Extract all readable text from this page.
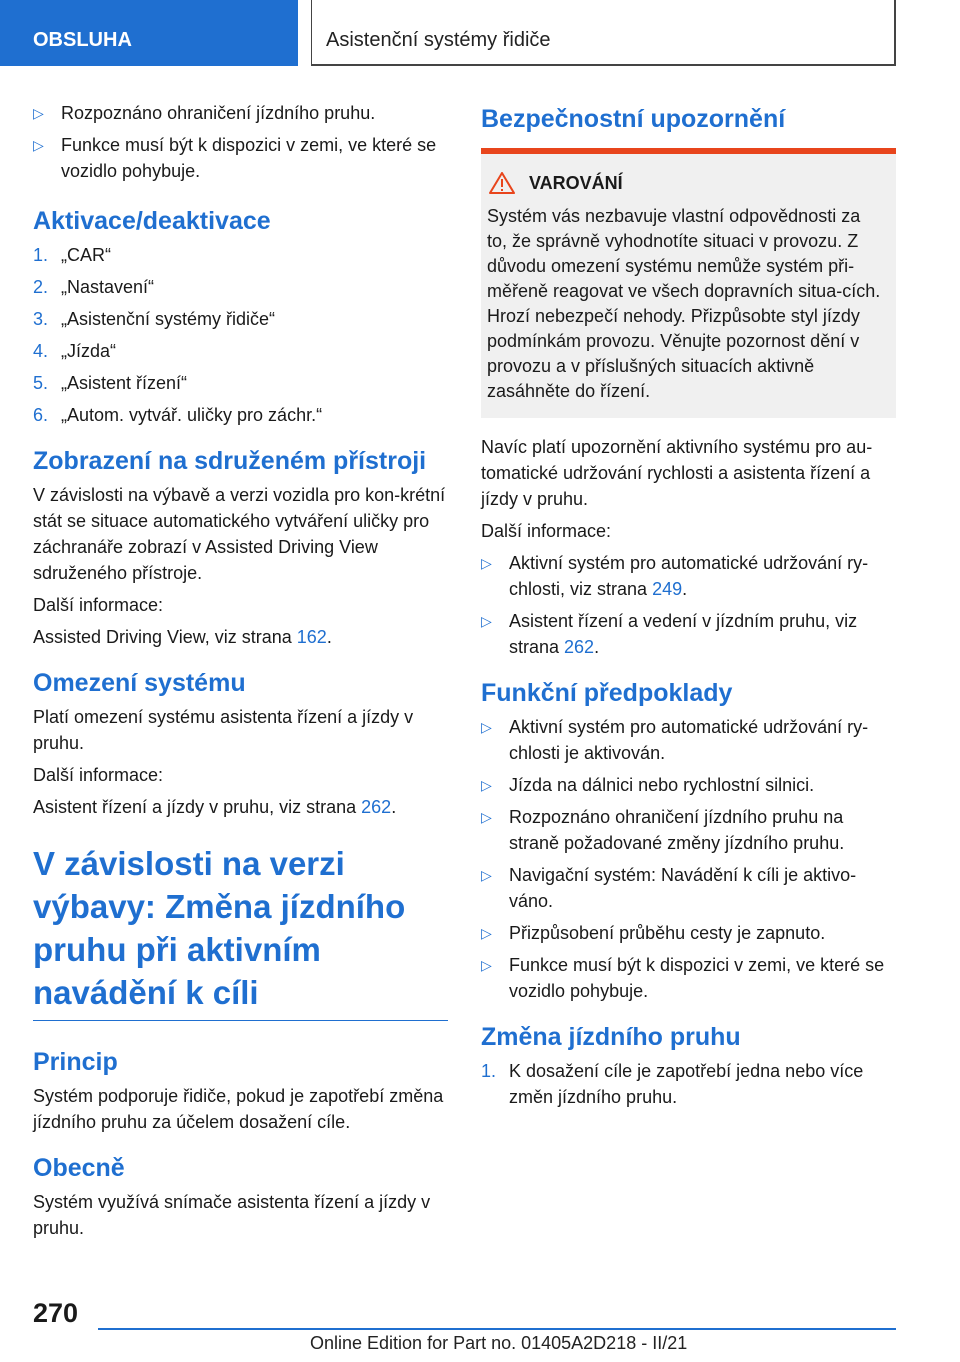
OBSLUHA	Asistenční systémy řidiče
▷ Rozpoznáno ohraničení jízdního pruhu.
▷ Funkce musí být k dispozici v zemi, ve které se vozidlo pohybuje.
Aktivace/deaktivace
1. „CAR“
2. „Nastavení“
3. „Asistenční systémy řidiče“
4. „Jízda“
5. „Asistent řízení“
6. „Autom. vytvář. uličky pro záchr.“
Zobrazení na sdruženém přístroji

V závislosti na výbavě a verzi vozidla pro kon-krétní stát se situace automatického vytváření uličky pro záchranáře zobrazí v Assisted Driving View sdruženého přístroje.

Další informace:

Assisted Driving View, viz strana 162.

Omezení systému

Platí omezení systému asistenta řízení a jízdy v pruhu.

Další informace:

Asistent řízení a jízdy v pruhu, viz strana 262.

V závislosti na verzi výbavy: Změna jízdního pruhu při aktivním navádění k cíli
Princip

Systém podporuje řidiče, pokud je zapotřebí změna jízdního pruhu za účelem dosažení cíle.

Obecně

Systém využívá snímače asistenta řízení a jízdy v pruhu.

Bezpečnostní upozornění
VAROVÁNÍ

Systém vás nezbavuje vlastní odpovědnosti za to, že správně vyhodnotíte situaci v provozu. Z důvodu omezení systému nemůže systém při-měřeně reagovat ve všech dopravních situa-cích. Hrozí nebezpečí nehody. Přizpůsobte styl jízdy podmínkám provozu. Věnujte pozornost dění v provozu a v příslušných situacích aktivně zasáhněte do řízení.

Navíc platí upozornění aktivního systému pro au-tomatické udržování rychlosti a asistenta řízení a jízdy v pruhu.

Další informace:

▷ Aktivní systém pro automatické udržování ry-chlosti, viz strana 249.
▷ Asistent řízení a vedení v jízdním pruhu, viz strana 262.
Funkční předpoklady
▷ Aktivní systém pro automatické udržování ry-chlosti je aktivován.
▷ Jízda na dálnici nebo rychlostní silnici.
▷ Rozpoznáno ohraničení jízdního pruhu na straně požadované změny jízdního pruhu.
▷ Navigační systém: Navádění k cíli je aktivo-váno.
▷ Přizpůsobení průběhu cesty je zapnuto.
▷ Funkce musí být k dispozici v zemi, ve které se vozidlo pohybuje.
Změna jízdního pruhu
1. K dosažení cíle je zapotřebí jedna nebo více změn jízdního pruhu.
270
Online Edition for Part no. 01405A2D218 - II/21
